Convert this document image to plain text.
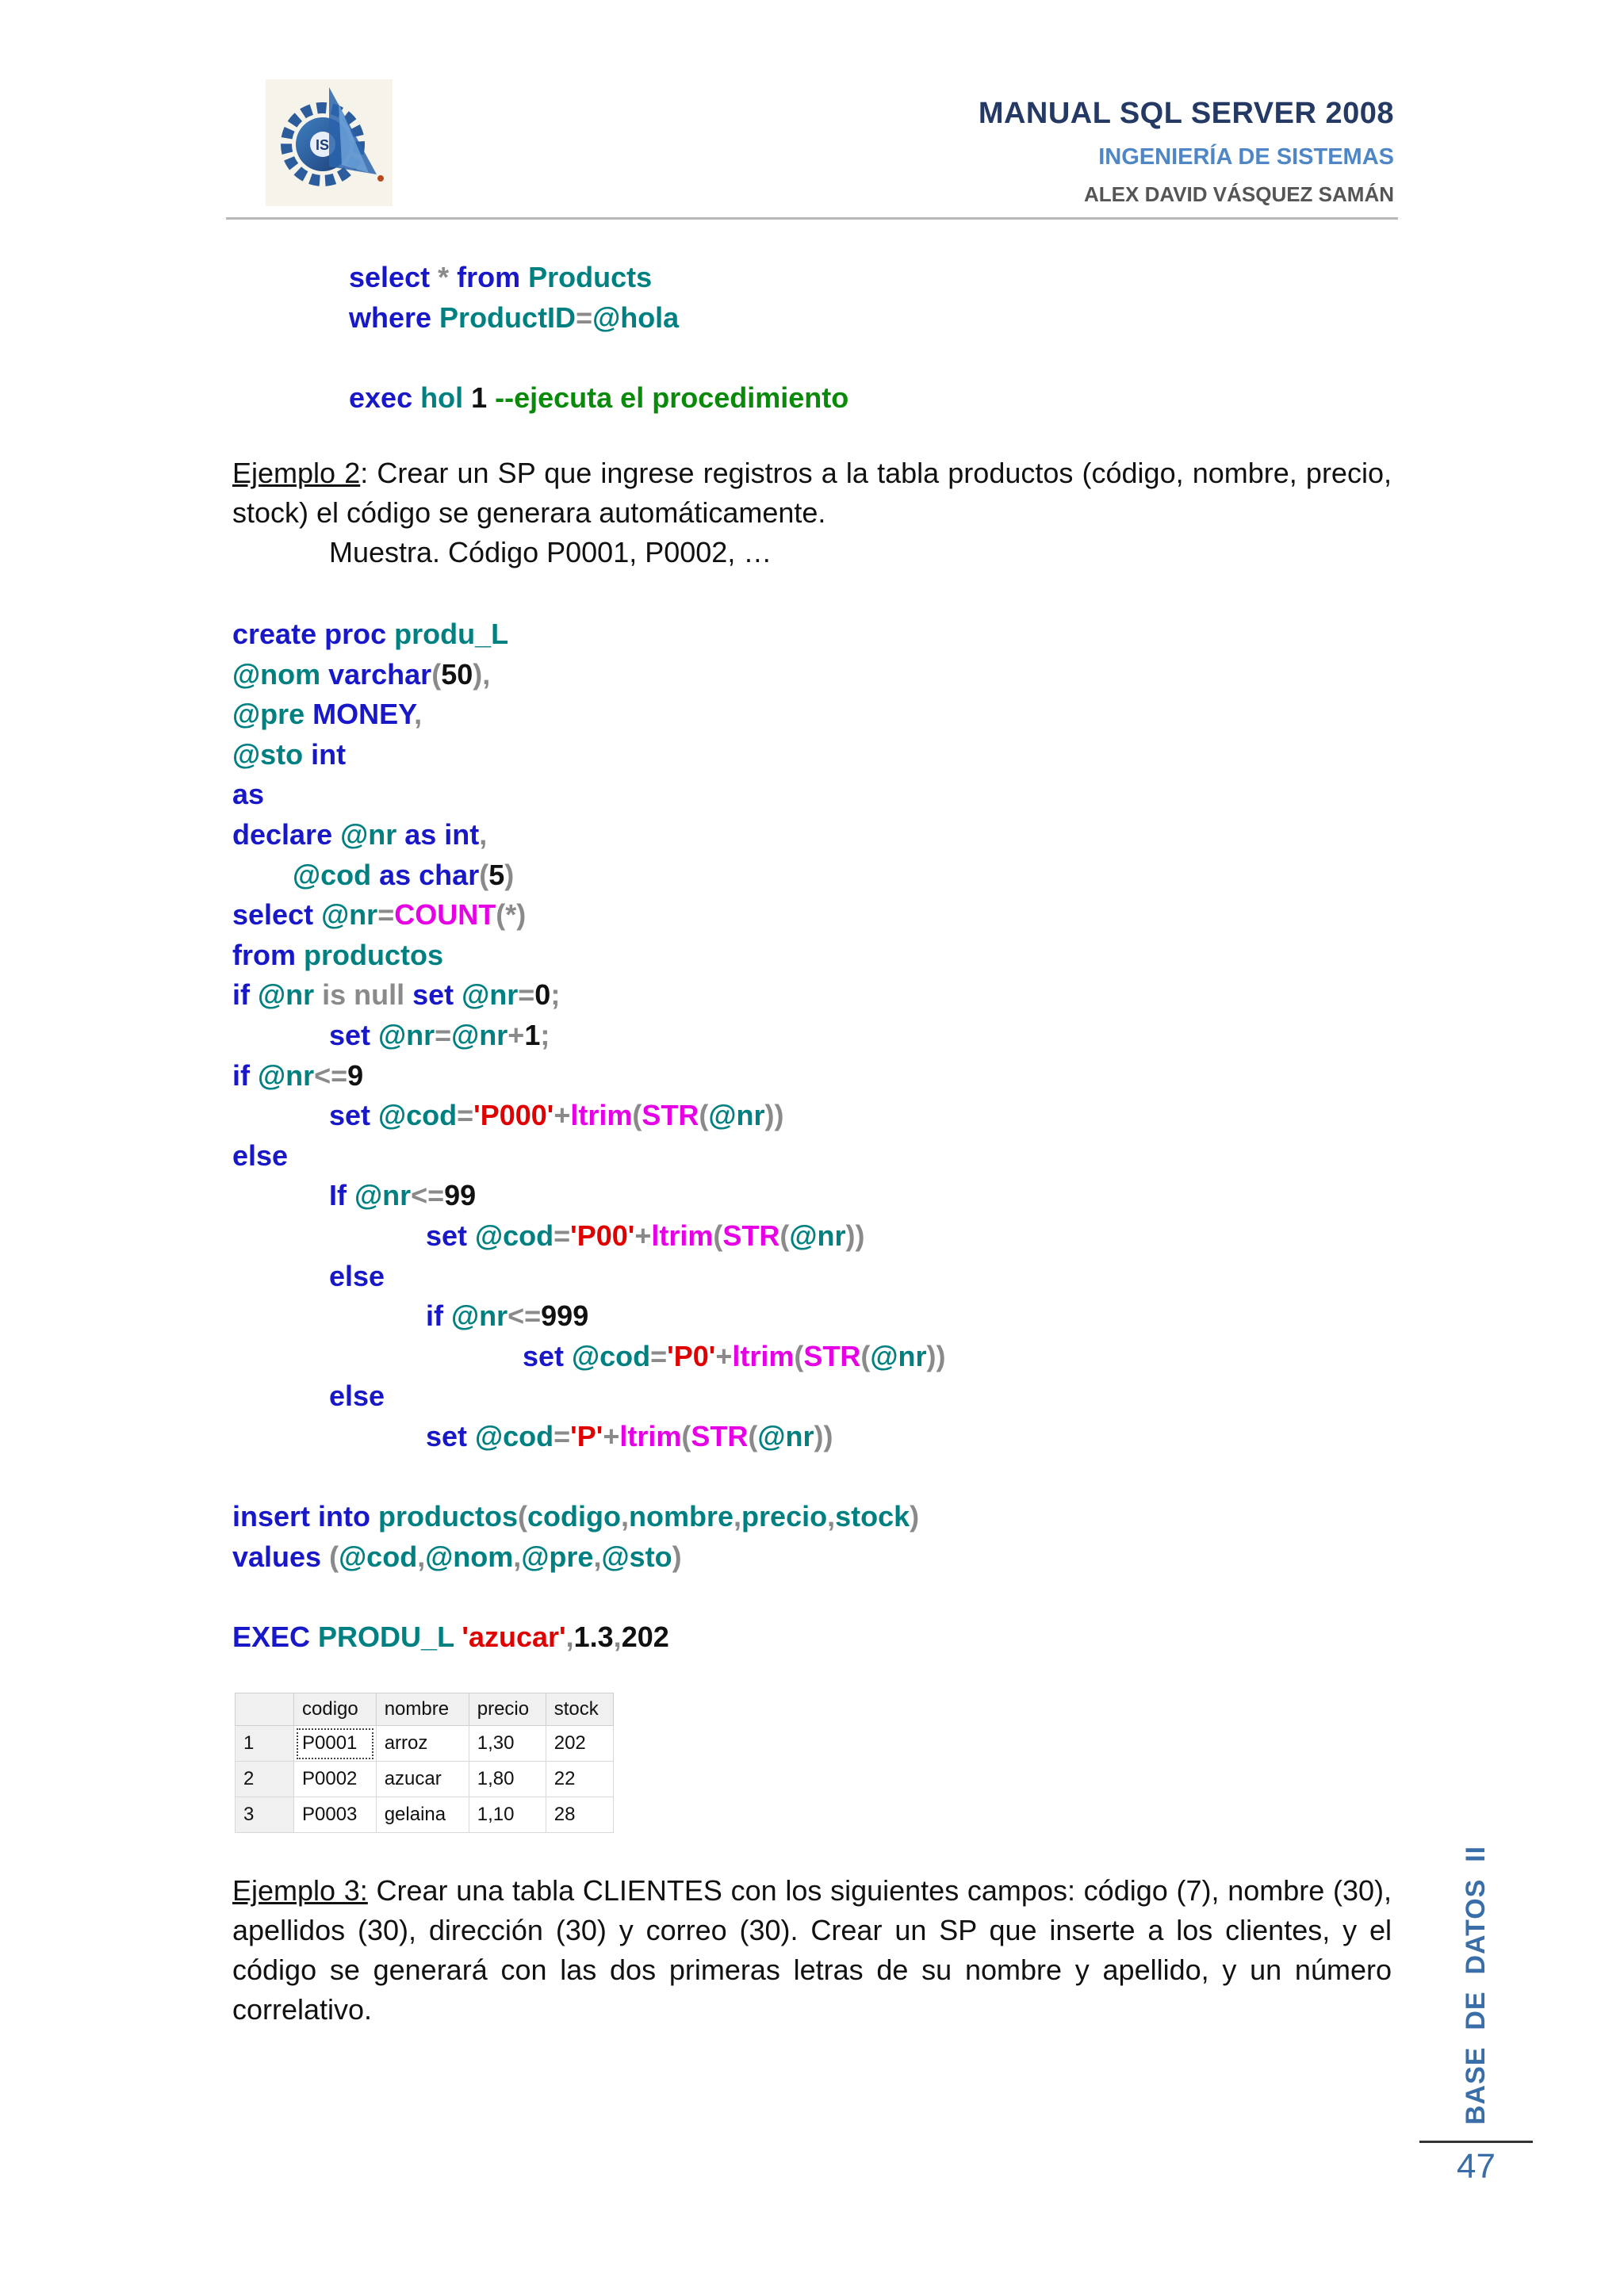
IS
MANUAL SQL SERVER 2008
INGENIERÍA DE SISTEMAS
ALEX DAVID VÁSQUEZ SAMÁN
select * from Products
where ProductID=@hola
exec hol 1 --ejecuta el procedimiento
Ejemplo 2: Crear un SP que ingrese registros a la tabla productos (código, nombre, precio, stock) el código se generara automáticamente.
Muestra. Código P0001, P0002, …
create proc produ_L
@nom varchar(50),
@pre MONEY,
@sto int
as
declare @nr as int,
@cod as char(5)
select @nr=COUNT(*)
from productos
if @nr is null set @nr=0;
set @nr=@nr+1;
if @nr<=9
set @cod='P000'+ltrim(STR(@nr))
else
If @nr<=99
set @cod='P00'+ltrim(STR(@nr))
else
if @nr<=999
set @cod='P0'+ltrim(STR(@nr))
else
set @cod='P'+ltrim(STR(@nr))
insert into productos(codigo,nombre,precio,stock)
values (@cod,@nom,@pre,@sto)
EXEC PRODU_L 'azucar',1.3,202
	codigo	nombre	precio	stock
1	P0001	arroz	1,30	202
2	P0002	azucar	1,80	22
3	P0003	gelaina	1,10	28
Ejemplo 3: Crear una tabla CLIENTES con los siguientes campos: código (7), nombre (30), apellidos (30), dirección (30) y correo (30). Crear un SP que inserte a los clientes, y el código se generará con las dos primeras letras de su nombre y apellido, y un número correlativo.	BASE  DE  DATOS  II
47
